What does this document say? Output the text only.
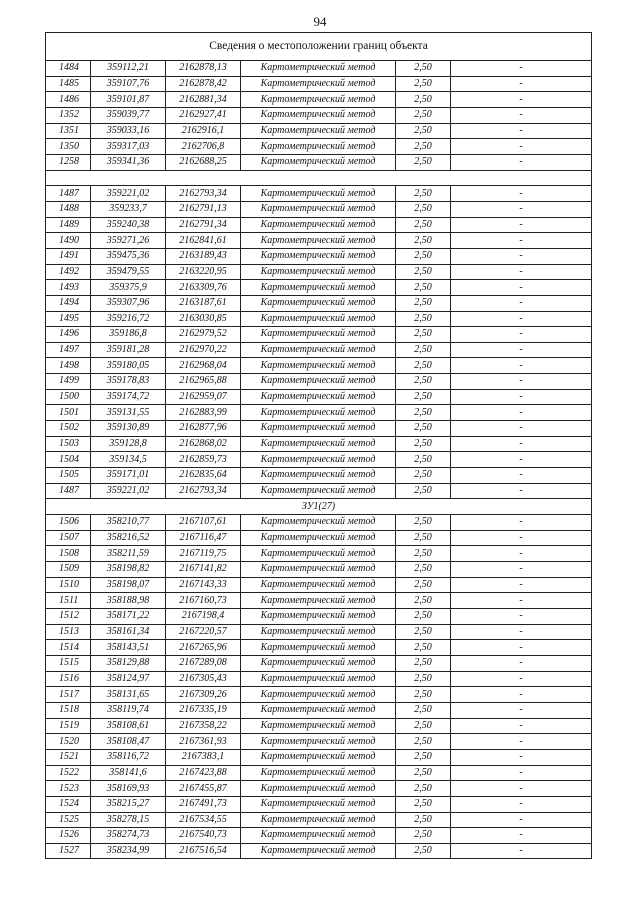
94
Сведения о местоположении границ объекта					
1484	359112,21	2162878,13	Картометрический метод	2,50	-
1485	359107,76	2162878,42	Картометрический метод	2,50	-
1486	359101,87	2162881,34	Картометрический метод	2,50	-
1352	359039,77	2162927,41	Картометрический метод	2,50	-
1351	359033,16	2162916,1	Картометрический метод	2,50	-
1350	359317,03	2162706,8	Картометрический метод	2,50	-
1258	359341,36	2162688,25	Картометрический метод	2,50	-

1487	359221,02	2162793,34	Картометрический метод	2,50	-
1488	359233,7	2162791,13	Картометрический метод	2,50	-
1489	359240,38	2162791,34	Картометрический метод	2,50	-
1490	359271,26	2162841,61	Картометрический метод	2,50	-
1491	359475,36	2163189,43	Картометрический метод	2,50	-
1492	359479,55	2163220,95	Картометрический метод	2,50	-
1493	359375,9	2163309,76	Картометрический метод	2,50	-
1494	359307,96	2163187,61	Картометрический метод	2,50	-
1495	359216,72	2163030,85	Картометрический метод	2,50	-
1496	359186,8	2162979,52	Картометрический метод	2,50	-
1497	359181,28	2162970,22	Картометрический метод	2,50	-
1498	359180,05	2162968,04	Картометрический метод	2,50	-
1499	359178,83	2162965,88	Картометрический метод	2,50	-
1500	359174,72	2162959,07	Картометрический метод	2,50	-
1501	359131,55	2162883,99	Картометрический метод	2,50	-
1502	359130,89	2162877,96	Картометрический метод	2,50	-
1503	359128,8	2162868,02	Картометрический метод	2,50	-
1504	359134,5	2162859,73	Картометрический метод	2,50	-
1505	359171,01	2162835,64	Картометрический метод	2,50	-
1487	359221,02	2162793,34	Картометрический метод	2,50	-
ЗУ1(27)					
1506	358210,77	2167107,61	Картометрический метод	2,50	-
1507	358216,52	2167116,47	Картометрический метод	2,50	-
1508	358211,59	2167119,75	Картометрический метод	2,50	-
1509	358198,82	2167141,82	Картометрический метод	2,50	-
1510	358198,07	2167143,33	Картометрический метод	2,50	-
1511	358188,98	2167160,73	Картометрический метод	2,50	-
1512	358171,22	2167198,4	Картометрический метод	2,50	-
1513	358161,34	2167220,57	Картометрический метод	2,50	-
1514	358143,51	2167265,96	Картометрический метод	2,50	-
1515	358129,88	2167289,08	Картометрический метод	2,50	-
1516	358124,97	2167305,43	Картометрический метод	2,50	-
1517	358131,65	2167309,26	Картометрический метод	2,50	-
1518	358119,74	2167335,19	Картометрический метод	2,50	-
1519	358108,61	2167358,22	Картометрический метод	2,50	-
1520	358108,47	2167361,93	Картометрический метод	2,50	-
1521	358116,72	2167383,1	Картометрический метод	2,50	-
1522	358141,6	2167423,88	Картометрический метод	2,50	-
1523	358169,93	2167455,87	Картометрический метод	2,50	-
1524	358215,27	2167491,73	Картометрический метод	2,50	-
1525	358278,15	2167534,55	Картометрический метод	2,50	-
1526	358274,73	2167540,73	Картометрический метод	2,50	-
1527	358234,99	2167516,54	Картометрический метод	2,50	-
